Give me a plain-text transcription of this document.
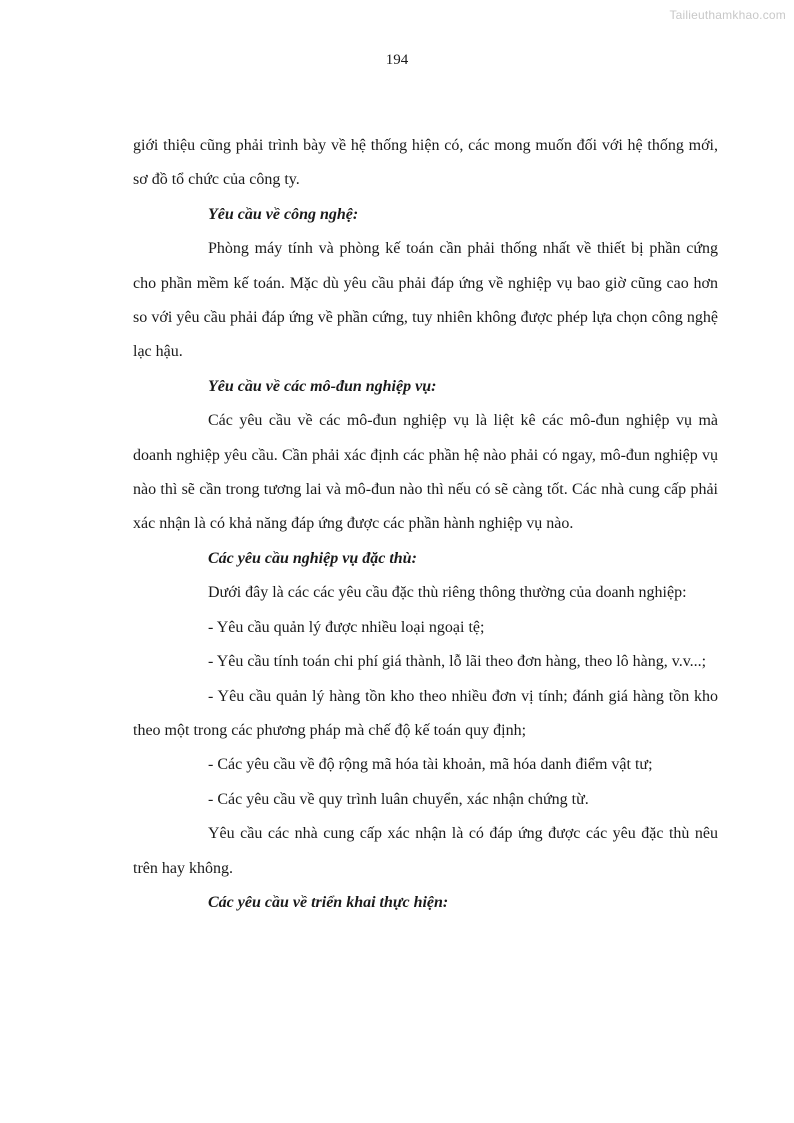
Tailieuthamkhao.com
194

giới thiệu cũng phải trình bày về hệ thống hiện có, các mong muốn đối với hệ thống mới, sơ đồ tổ chức của công ty.

Yêu cầu về công nghệ:

Phòng máy tính và phòng kế toán cần phải thống nhất về thiết bị phần cứng cho phần mềm kế toán. Mặc dù yêu cầu phải đáp ứng về nghiệp vụ bao giờ cũng cao hơn so với yêu cầu phải đáp ứng về phần cứng, tuy nhiên không được phép lựa chọn công nghệ lạc hậu.

Yêu cầu về các mô-đun nghiệp vụ:

Các yêu cầu về các mô-đun nghiệp vụ là liệt kê các mô-đun nghiệp vụ mà doanh nghiệp yêu cầu. Cần phải xác định các phần hệ nào phải có ngay, mô-đun nghiệp vụ nào thì sẽ cần trong tương lai và mô-đun nào thì nếu có sẽ càng tốt. Các nhà cung cấp phải xác nhận là có khả năng đáp ứng được các phần hành nghiệp vụ nào.

Các yêu cầu nghiệp vụ đặc thù:

Dưới đây là các các yêu cầu đặc thù riêng thông thường của doanh nghiệp:

- Yêu cầu quản lý được nhiều loại ngoại tệ;

- Yêu cầu tính toán chi phí giá thành, lỗ lãi theo đơn hàng, theo lô hàng, v.v...;

- Yêu cầu quản lý hàng tồn kho theo nhiều đơn vị tính; đánh giá hàng tồn kho theo một trong các phương pháp mà chế độ kế toán quy định;

- Các yêu cầu về độ rộng mã hóa tài khoản, mã hóa danh điểm vật tư;

- Các yêu cầu về quy trình luân chuyển, xác nhận chứng từ.

Yêu cầu các nhà cung cấp xác nhận là có đáp ứng được các yêu đặc thù nêu trên hay không.

Các yêu cầu về triển khai thực hiện:
